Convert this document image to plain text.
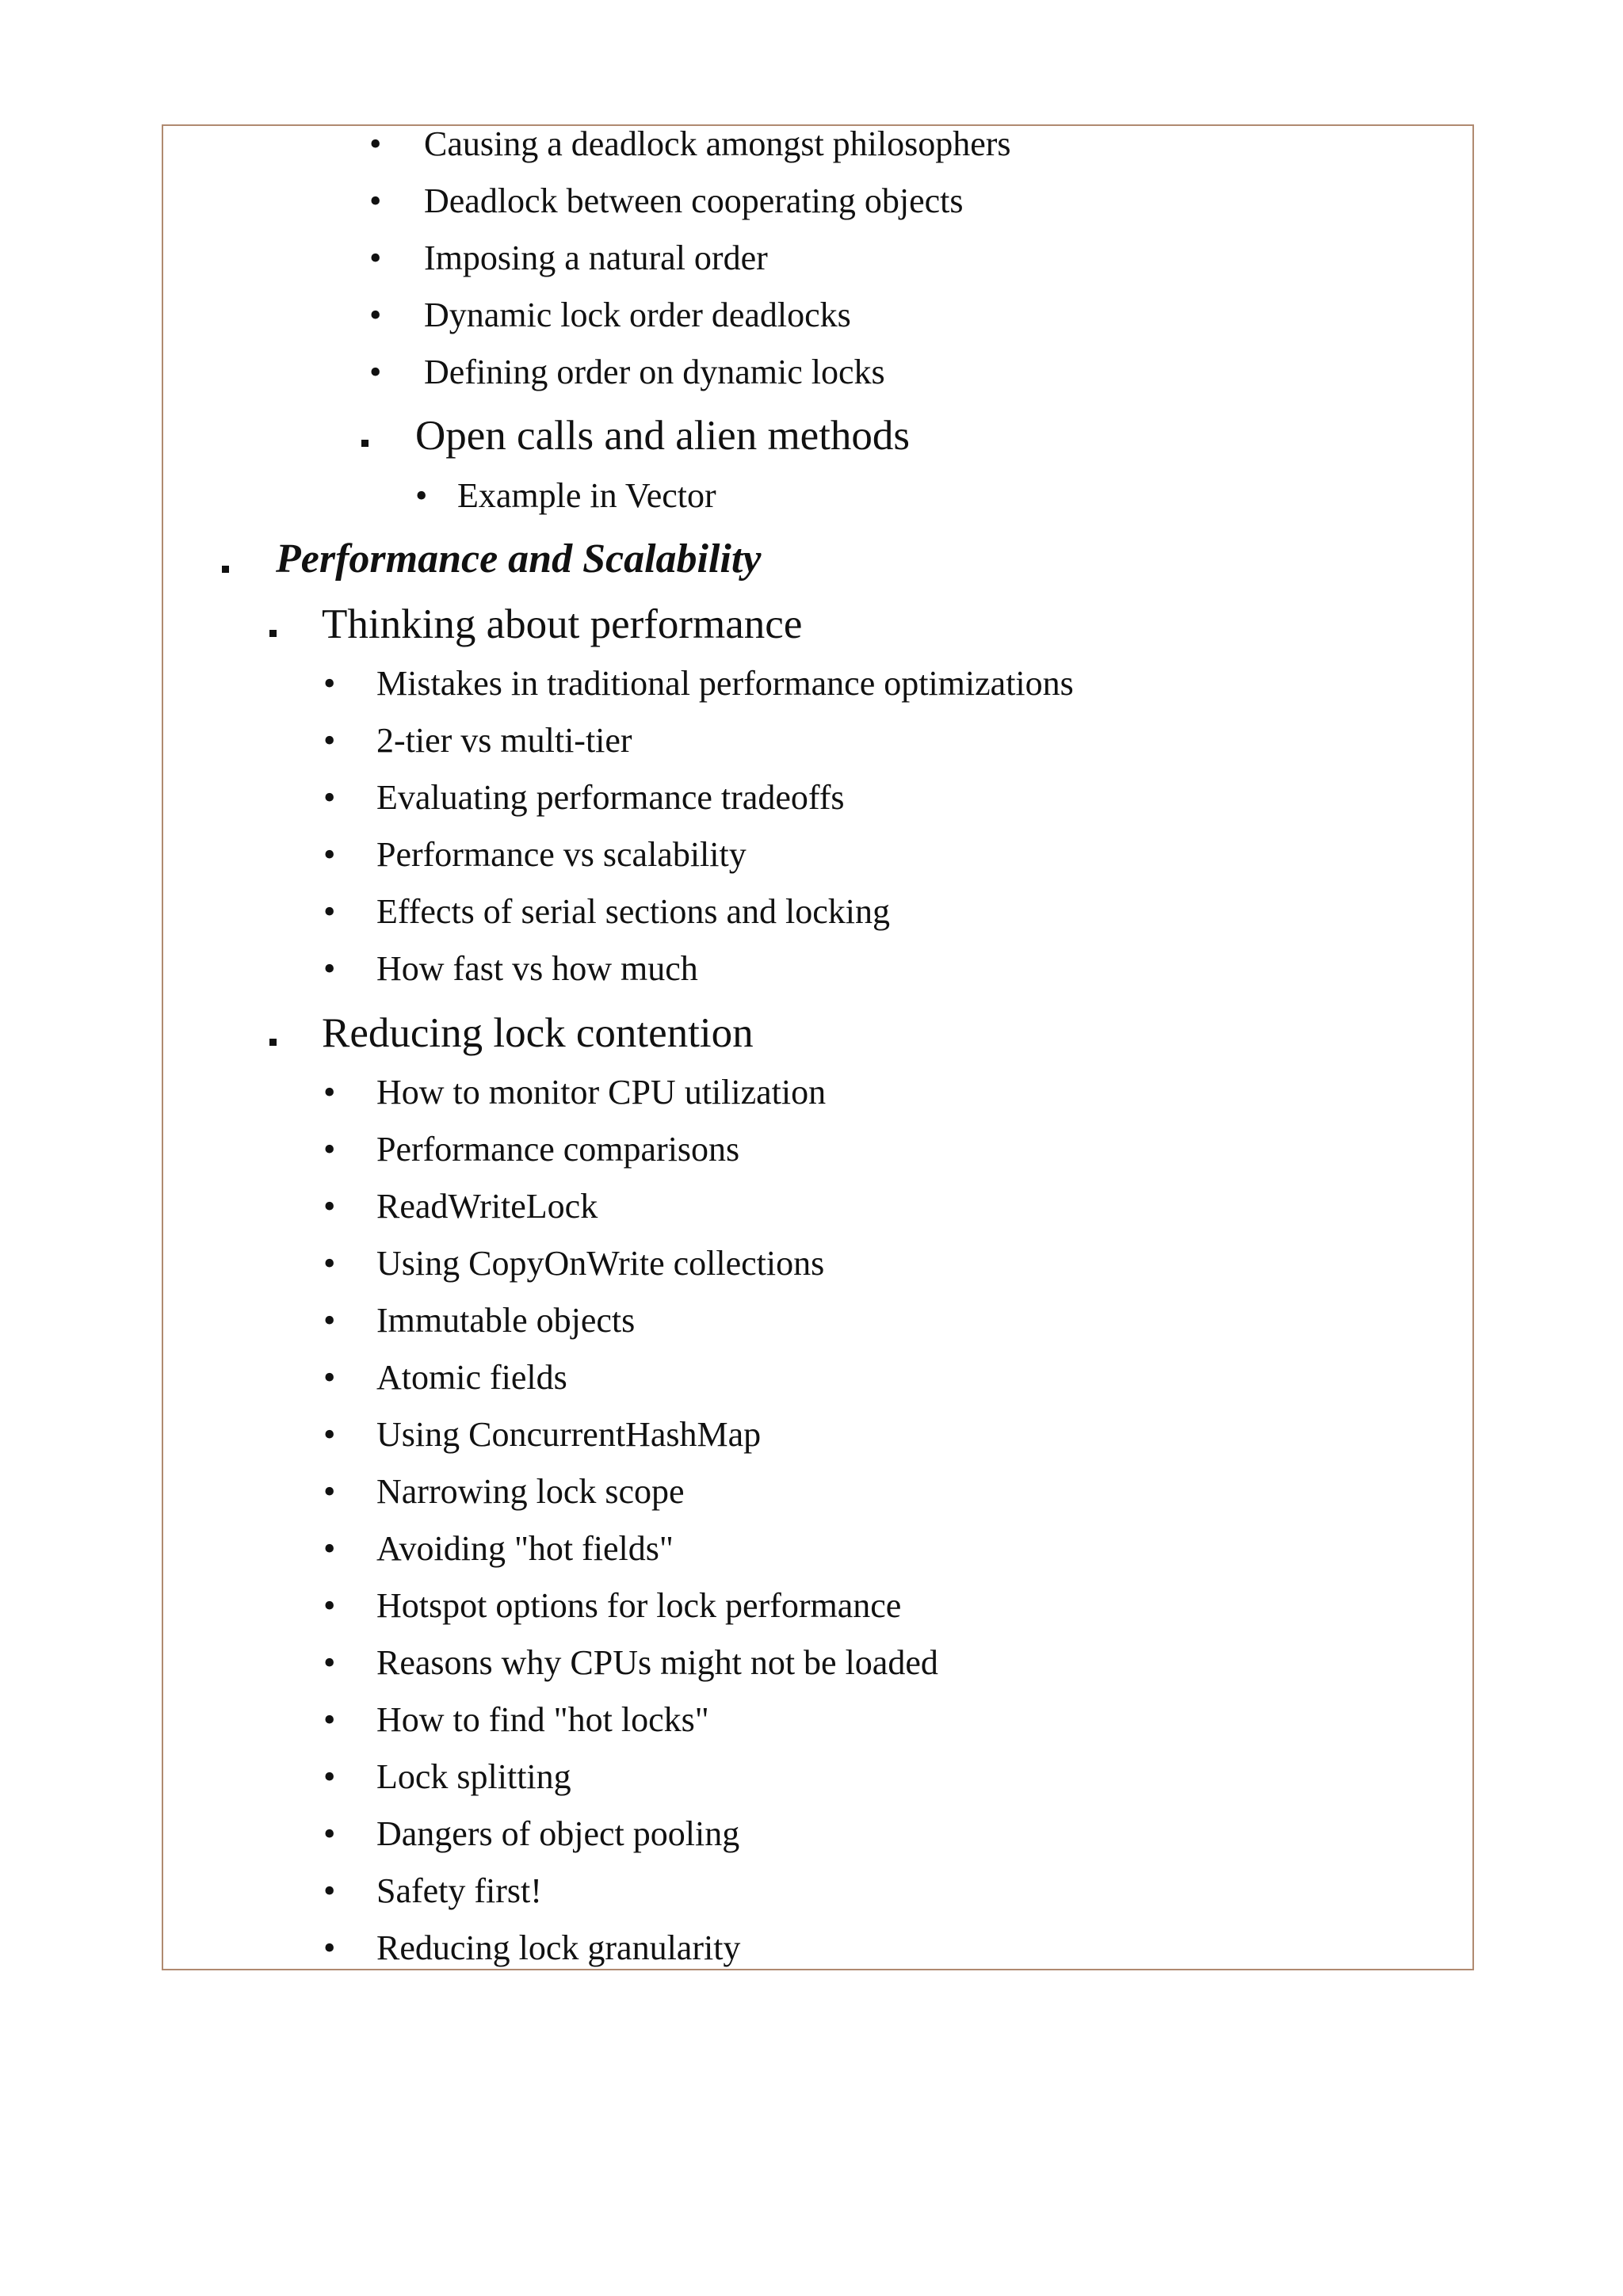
• Causing a deadlock amongst philosophers
• Deadlock between cooperating objects
• Imposing a natural order
• Dynamic lock order deadlocks
• Defining order on dynamic locks
Open calls and alien methods
• Example in Vector
Performance and Scalability
Thinking about performance
• Mistakes in traditional performance optimizations
• 2-tier vs multi-tier
• Evaluating performance tradeoffs
• Performance vs scalability
• Effects of serial sections and locking
• How fast vs how much
Reducing lock contention
• How to monitor CPU utilization
• Performance comparisons
• ReadWriteLock
• Using CopyOnWrite collections
• Immutable objects
• Atomic fields
• Using ConcurrentHashMap
• Narrowing lock scope
• Avoiding "hot fields"
• Hotspot options for lock performance
• Reasons why CPUs might not be loaded
• How to find "hot locks"
• Lock splitting
• Dangers of object pooling
• Safety first!
• Reducing lock granularity
